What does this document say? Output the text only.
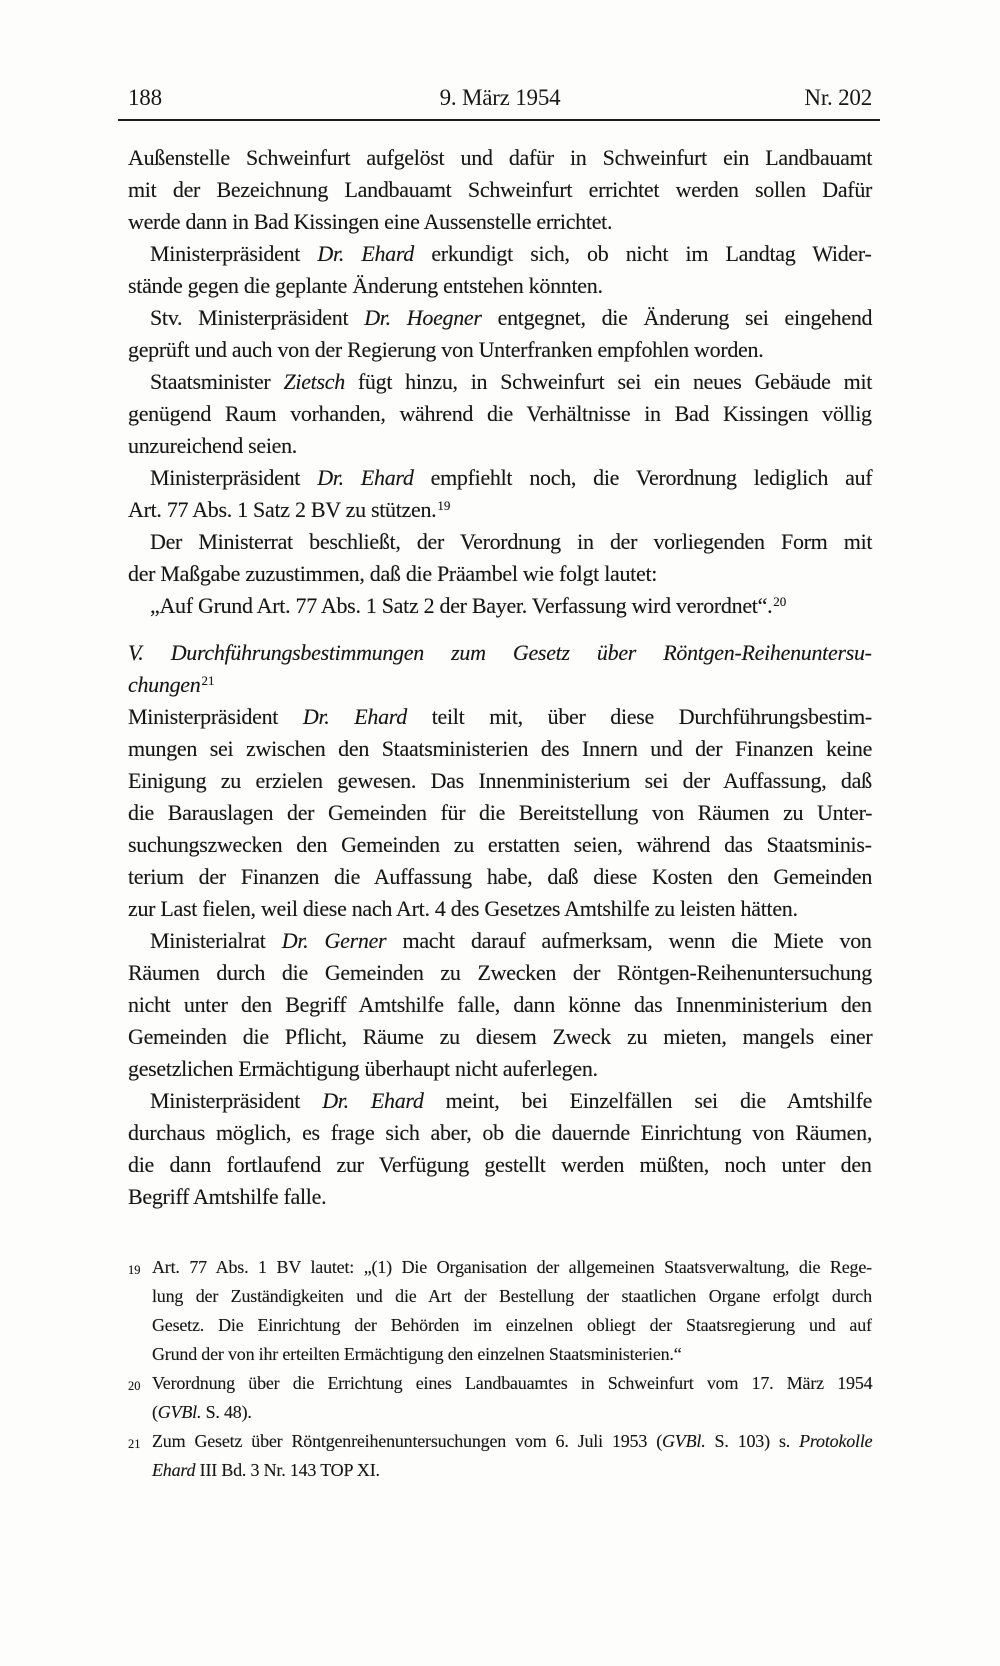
188	9. März 1954	Nr. 202
Außenstelle Schweinfurt aufgelöst und dafür in Schweinfurt ein Landbauamt
mit der Bezeichnung Landbauamt Schweinfurt errichtet werden sollen Dafür
werde dann in Bad Kissingen eine Aussenstelle errichtet.
Ministerpräsident Dr. Ehard erkundigt sich, ob nicht im Landtag Wider-
stände gegen die geplante Änderung entstehen könnten.
Stv. Ministerpräsident Dr. Hoegner entgegnet, die Änderung sei eingehend
geprüft und auch von der Regierung von Unterfranken empfohlen worden.
Staatsminister Zietsch fügt hinzu, in Schweinfurt sei ein neues Gebäude mit
genügend Raum vorhanden, während die Verhältnisse in Bad Kissingen völlig
unzureichend seien.
Ministerpräsident Dr. Ehard empfiehlt noch, die Verordnung lediglich auf
Art. 77 Abs. 1 Satz 2 BV zu stützen.$^{19}$
Der Ministerrat beschließt, der Verordnung in der vorliegenden Form mit
der Maßgabe zuzustimmen, daß die Präambel wie folgt lautet:
„Auf Grund Art. 77 Abs. 1 Satz 2 der Bayer. Verfassung wird verordnet“.$^{20}$
V. Durchführungsbestimmungen zum Gesetz über Röntgen-Reihenuntersu-
chungen$^{21}$
Ministerpräsident Dr. Ehard teilt mit, über diese Durchführungsbestim-
mungen sei zwischen den Staatsministerien des Innern und der Finanzen keine
Einigung zu erzielen gewesen. Das Innenministerium sei der Auffassung, daß
die Barauslagen der Gemeinden für die Bereitstellung von Räumen zu Unter-
suchungszwecken den Gemeinden zu erstatten seien, während das Staatsminis-
terium der Finanzen die Auffassung habe, daß diese Kosten den Gemeinden
zur Last fielen, weil diese nach Art. 4 des Gesetzes Amtshilfe zu leisten hätten.
Ministerialrat Dr. Gerner macht darauf aufmerksam, wenn die Miete von
Räumen durch die Gemeinden zu Zwecken der Röntgen-Reihenuntersuchung
nicht unter den Begriff Amtshilfe falle, dann könne das Innenministerium den
Gemeinden die Pflicht, Räume zu diesem Zweck zu mieten, mangels einer
gesetzlichen Ermächtigung überhaupt nicht auferlegen.
Ministerpräsident Dr. Ehard meint, bei Einzelfällen sei die Amtshilfe
durchaus möglich, es frage sich aber, ob die dauernde Einrichtung von Räumen,
die dann fortlaufend zur Verfügung gestellt werden müßten, noch unter den
Begriff Amtshilfe falle.
19 Art. 77 Abs. 1 BV lautet: „(1) Die Organisation der allgemeinen Staatsverwaltung, die Rege-
lung der Zuständigkeiten und die Art der Bestellung der staatlichen Organe erfolgt durch
Gesetz. Die Einrichtung der Behörden im einzelnen obliegt der Staatsregierung und auf
Grund der von ihr erteilten Ermächtigung den einzelnen Staatsministerien.“
20 Verordnung über die Errichtung eines Landbauamtes in Schweinfurt vom 17. März 1954
(GVBl. S. 48).
21 Zum Gesetz über Röntgenreihenuntersuchungen vom 6. Juli 1953 (GVBl. S. 103) s. Protokolle
Ehard III Bd. 3 Nr. 143 TOP XI.
